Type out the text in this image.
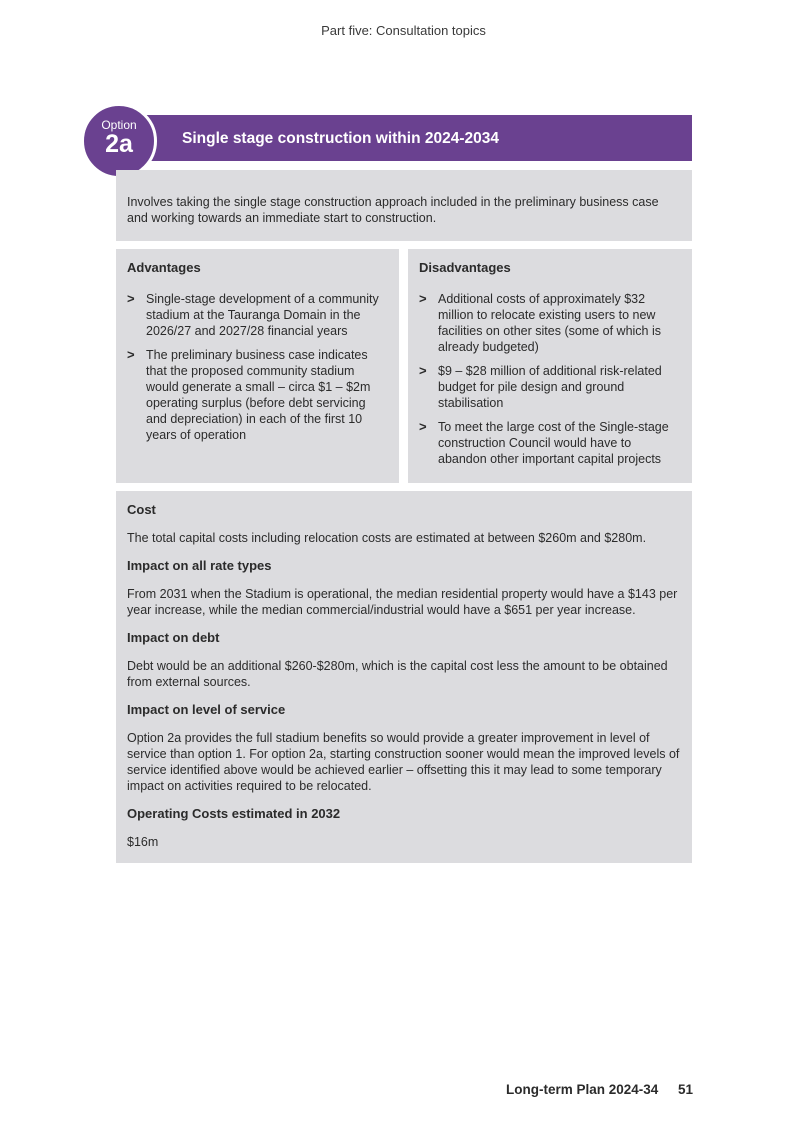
Part five: Consultation topics
Single stage construction within 2024-2034
Option
2a
Involves taking the single stage construction approach included in the preliminary business case and working towards an immediate start to construction.
Advantages
> Single-stage development of a community stadium at the Tauranga Domain in the 2026/27 and 2027/28 financial years
> The preliminary business case indicates that the proposed community stadium would generate a small – circa $1 – $2m operating surplus (before debt servicing and depreciation) in each of the first 10 years of operation
Disadvantages
> Additional costs of approximately $32 million to relocate existing users to new facilities on other sites (some of which is already budgeted)
> $9 – $28 million of additional risk-related budget for pile design and ground stabilisation
> To meet the large cost of the Single-stage construction Council would have to abandon other important capital projects
Cost
The total capital costs including relocation costs are estimated at between $260m and $280m.
Impact on all rate types
From 2031 when the Stadium is operational, the median residential property would have a $143 per year increase, while the median commercial/industrial would have a $651 per year increase.
Impact on debt
Debt would be an additional $260-$280m, which is the capital cost less the amount to be obtained from external sources.
Impact on level of service
Option 2a provides the full stadium benefits so would provide a greater improvement in level of service than option 1. For option 2a, starting construction sooner would mean the improved levels of service identified above would be achieved earlier – offsetting this it may lead to some temporary impact on activities required to be relocated.
Operating Costs estimated in 2032
$16m
Long-term Plan 2024-34 51
